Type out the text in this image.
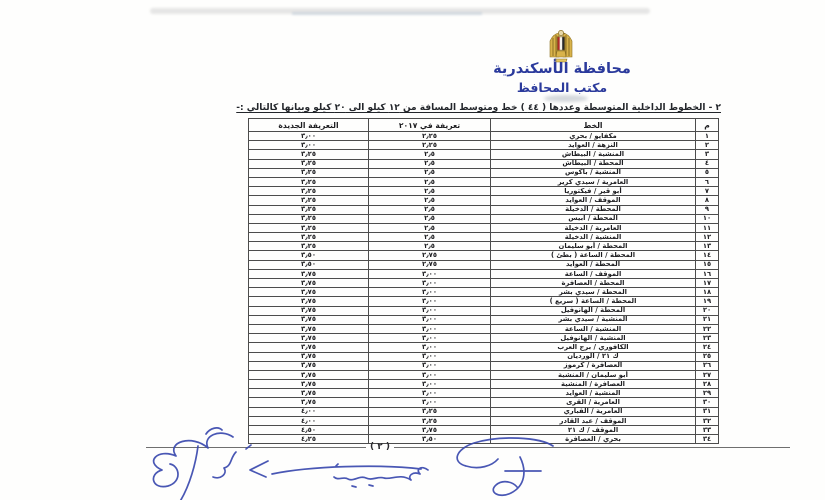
محافظة الأسكندرية
مكتب المحافظ
٢ - الخطوط الداخلية المتوسطة وعددها ( ٤٤ ) خط ومتوسط المسافة من ١٢ كيلو الى ٢٠ كيلو وبيانها كالتالي :-
م	الخط	تعريفة في ٢٠١٧	التعريفة الجديدة
١	مكفايو / بحري	٢٫٢٥	٣٫٠٠
٢	النزهة / العوايد	٢٫٢٥	٣٫٠٠
٣	المنشية / البيطاش	٢٫٥	٣٫٢٥
٤	المحطة / البيطاش	٢٫٥	٣٫٢٥
٥	المنشية / باكوس	٢٫٥	٣٫٢٥
٦	العامرية / سيدي كرير	٢٫٥	٣٫٢٥
٧	أبو قير / فيكتوريا	٢٫٥	٣٫٢٥
٨	الموقف / العوايد	٢٫٥	٣٫٢٥
٩	المحطة / الدخيلة	٢٫٥	٣٫٢٥
١٠	المحطة / ابيس	٢٫٥	٣٫٢٥
١١	العامرية / الدخيلة	٢٫٥	٣٫٢٥
١٢	المنشية / الدخيلة	٢٫٥	٣٫٢٥
١٣	المحطة / أبو سليمان	٢٫٥	٣٫٢٥
١٤	المحطة / الساعة ( بطئ )	٢٫٧٥	٣٫٥٠
١٥	المحطة / العوايد	٢٫٧٥	٣٫٥٠
١٦	الموقف / الساعة	٣٫٠٠	٣٫٧٥
١٧	المحطة / العصافرة	٣٫٠٠	٣٫٧٥
١٨	المحطة / سيدي بشر	٣٫٠٠	٣٫٧٥
١٩	المحطة / الساعة ( سريع )	٣٫٠٠	٣٫٧٥
٢٠	المحطة / الهانوفيل	٣٫٠٠	٣٫٧٥
٢١	المنشية / سيدي بشر	٣٫٠٠	٣٫٧٥
٢٢	المنشية / الساعة	٣٫٠٠	٣٫٧٥
٢٣	المنشية / الهانوفيل	٣٫٠٠	٣٫٧٥
٢٤	الكافوري / برج العرب	٣٫٠٠	٣٫٧٥
٢٥	ك ٢١ / الورديان	٣٫٠٠	٣٫٧٥
٢٦	العصافرة / كرموز	٣٫٠٠	٣٫٧٥
٢٧	أبو سليمان / المنشية	٣٫٠٠	٣٫٧٥
٢٨	العصافرة / المنشية	٣٫٠٠	٣٫٧٥
٢٩	المنشية / العوايد	٣٫٠٠	٣٫٧٥
٣٠	العامرية / القرى	٣٫٠٠	٣٫٧٥
٣١	العامرية / القباري	٣٫٢٥	٤٫٠٠
٣٢	الموقف / عبد القادر	٣٫٢٥	٤٫٠٠
٣٣	الموقف / ك ٢١	٣٫٧٥	٤٫٥٠
٣٤	بحري / العصافرة	٣٫٥٠	٤٫٢٥
( ٢ )
